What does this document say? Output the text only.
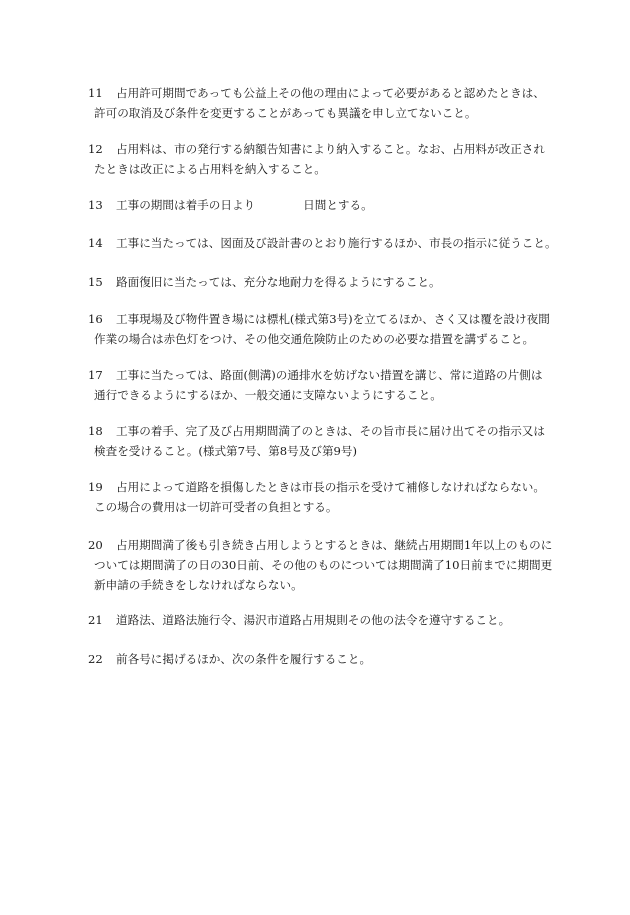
11 占用許可期間であっても公益上その他の理由によって必要があると認めたときは、
許可の取消及び条件を変更することがあっても異議を申し立てないこと。
12 占用料は、市の発行する納額告知書により納入すること。なお、占用料が改正され
たときは改正による占用料を納入すること。
13 工事の期間は着手の日より	日間とする。
14 工事に当たっては、図面及び設計書のとおり施行するほか、市長の指示に従うこと。
15 路面復旧に当たっては、充分な地耐力を得るようにすること。
16 工事現場及び物件置き場には標札(様式第3号)を立てるほか、さく又は覆を設け夜間
作業の場合は赤色灯をつけ、その他交通危険防止のための必要な措置を講ずること。
17 工事に当たっては、路面(側溝)の通排水を妨げない措置を講じ、常に道路の片側は
通行できるようにするほか、一般交通に支障ないようにすること。
18 工事の着手、完了及び占用期間満了のときは、その旨市長に届け出てその指示又は
検査を受けること。(様式第7号、第8号及び第9号)
19 占用によって道路を損傷したときは市長の指示を受けて補修しなければならない。
この場合の費用は一切許可受者の負担とする。
20 占用期間満了後も引き続き占用しようとするときは、継続占用期間1年以上のものに
ついては期間満了の日の30日前、その他のものについては期間満了10日前までに期間更
新申請の手続きをしなければならない。
21 道路法、道路法施行令、湯沢市道路占用規則その他の法令を遵守すること。
22 前各号に掲げるほか、次の条件を履行すること。
